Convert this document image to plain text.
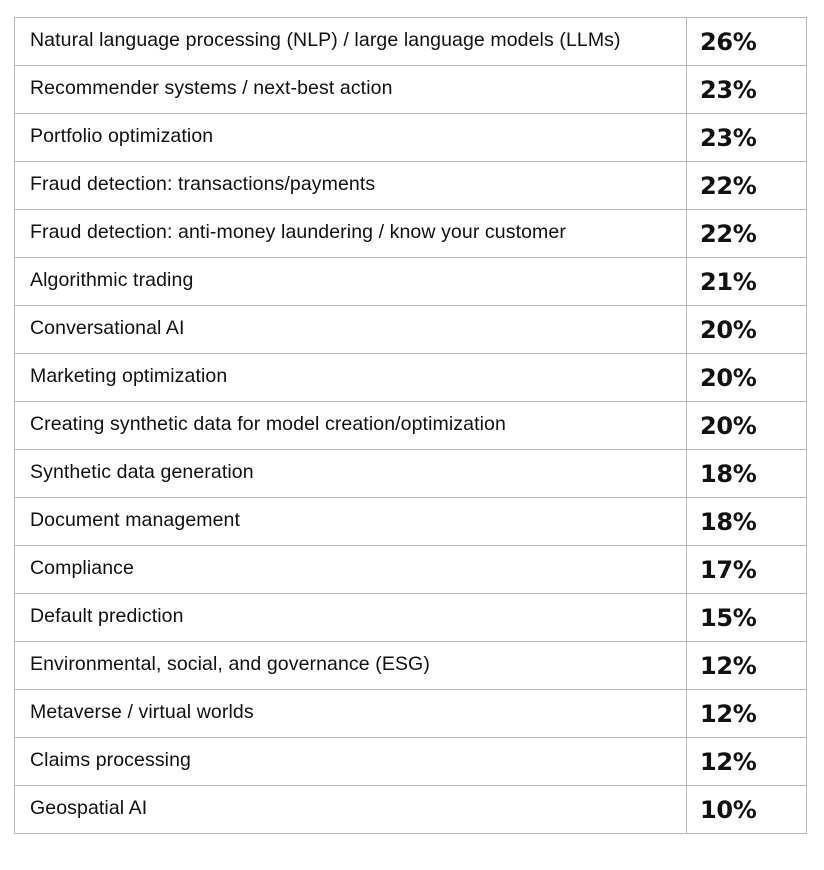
Natural language processing (NLP) / large language models (LLMs)	26%
Recommender systems / next-best action	23%
Portfolio optimization	23%
Fraud detection: transactions/payments	22%
Fraud detection: anti-money laundering / know your customer	22%
Algorithmic trading	21%
Conversational AI	20%
Marketing optimization	20%
Creating synthetic data for model creation/optimization	20%
Synthetic data generation	18%
Document management	18%
Compliance	17%
Default prediction	15%
Environmental, social, and governance (ESG)	12%
Metaverse / virtual worlds	12%
Claims processing	12%
Geospatial AI	10%
